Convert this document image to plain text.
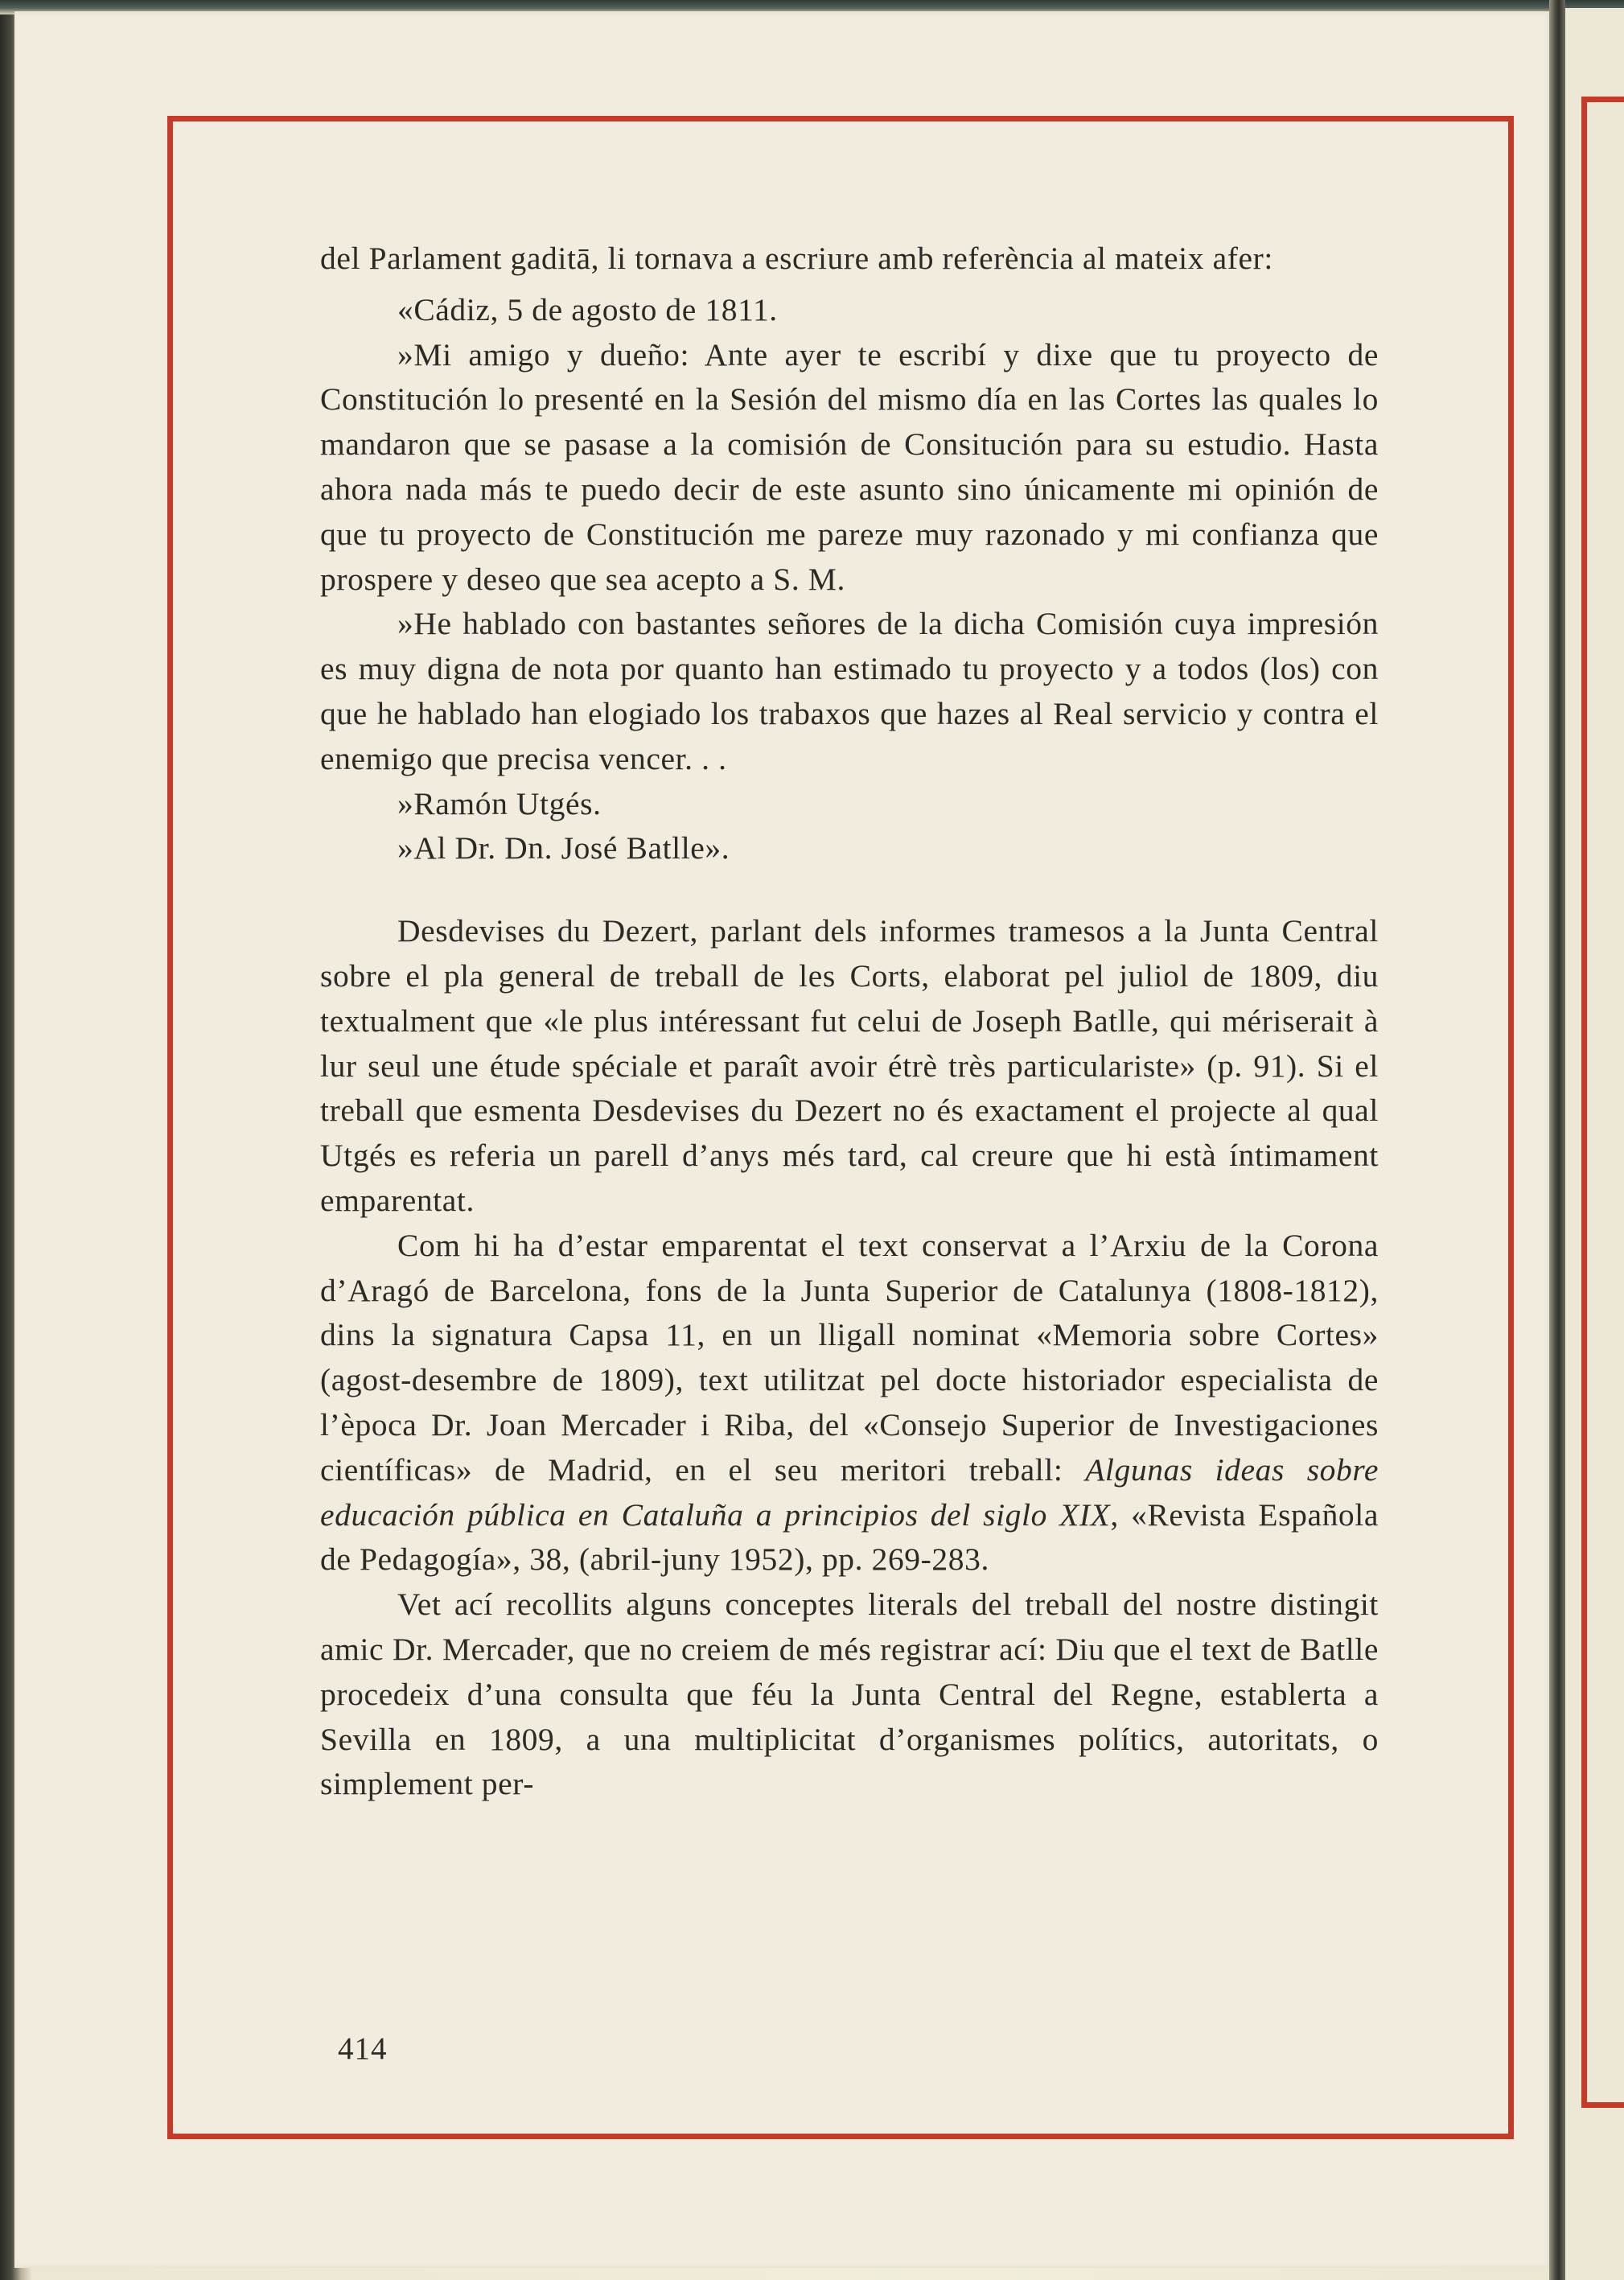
del Parlament gaditā, li tornava a escriure amb referència al mateix afer:

«Cádiz, 5 de agosto de 1811.

»Mi amigo y dueño: Ante ayer te escribí y dixe que tu proyecto de Constitución lo presenté en la Sesión del mismo día en las Cortes las quales lo mandaron que se pasase a la comisión de Consitución para su estudio. Hasta ahora nada más te puedo decir de este asunto sino únicamente mi opinión de que tu proyecto de Constitución me pareze muy razonado y mi confianza que prospere y deseo que sea acepto a S. M.

»He hablado con bastantes señores de la dicha Comisión cuya impresión es muy digna de nota por quanto han estimado tu proyecto y a todos (los) con que he hablado han elogiado los trabaxos que hazes al Real servicio y contra el enemigo que precisa vencer. . .

»Ramón Utgés.

»Al Dr. Dn. José Batlle».

Desdevises du Dezert, parlant dels informes tramesos a la Junta Central sobre el pla general de treball de les Corts, elaborat pel juliol de 1809, diu textualment que «le plus intéressant fut celui de Joseph Batlle, qui mériserait à lur seul une étude spéciale et paraît avoir étrè très particulariste» (p. 91). Si el treball que esmenta Desdevises du Dezert no és exactament el projecte al qual Utgés es referia un parell d’anys més tard, cal creure que hi està íntimament emparentat.

Com hi ha d’estar emparentat el text conservat a l’Arxiu de la Corona d’Aragó de Barcelona, fons de la Junta Superior de Catalunya (1808-1812), dins la signatura Capsa 11, en un lligall nominat «Memoria sobre Cortes» (agost-desembre de 1809), text utilitzat pel docte historiador especialista de l’època Dr. Joan Mercader i Riba, del «Consejo Superior de Investigaciones científicas» de Madrid, en el seu meritori treball: Algunas ideas sobre educación pública en Cataluña a principios del siglo XIX, «Revista Española de Pedagogía», 38, (abril-juny 1952), pp. 269-283.

Vet ací recollits alguns conceptes literals del treball del nostre distingit amic Dr. Mercader, que no creiem de més registrar ací: Diu que el text de Batlle procedeix d’una consulta que féu la Junta Central del Regne, establerta a Sevilla en 1809, a una multiplicitat d’organismes polítics, autoritats, o simplement per-

414
